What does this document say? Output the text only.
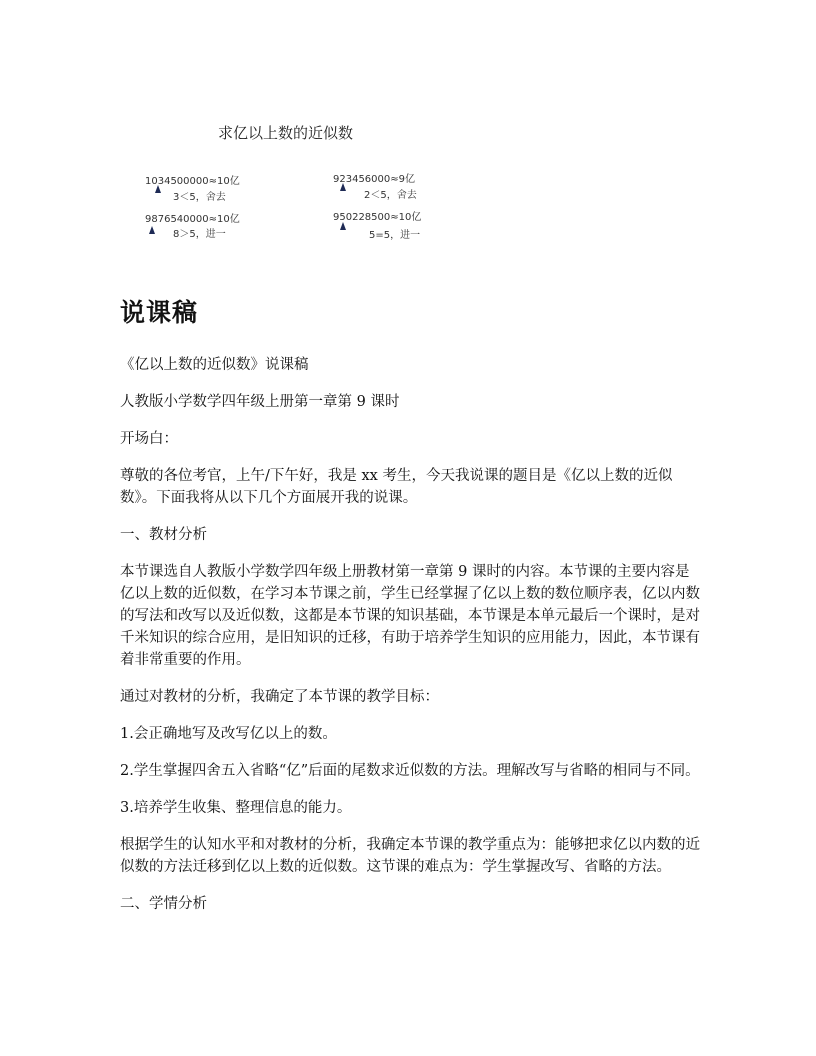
求亿以上数的近似数
1034500000≈10亿
3＜5，舍去
923456000≈9亿
2＜5，舍去
9876540000≈10亿
8＞5，进一
950228500≈10亿
5=5，进一
说课稿

《亿以上数的近似数》说课稿

人教版小学数学四年级上册第一章第 9 课时

开场白：

尊敬的各位考官，上午/下午好，我是 xx 考生，今天我说课的题目是《亿以上数的近似数》。下面我将从以下几个方面展开我的说课。

一、教材分析

本节课选自人教版小学数学四年级上册教材第一章第 9 课时的内容。本节课的主要内容是亿以上数的近似数，在学习本节课之前，学生已经掌握了亿以上数的数位顺序表，亿以内数的写法和改写以及近似数，这都是本节课的知识基础，本节课是本单元最后一个课时，是对千米知识的综合应用，是旧知识的迁移，有助于培养学生知识的应用能力，因此，本节课有着非常重要的作用。

通过对教材的分析，我确定了本节课的教学目标：

1.会正确地写及改写亿以上的数。

2.学生掌握四舍五入省略“亿”后面的尾数求近似数的方法。理解改写与省略的相同与不同。

3.培养学生收集、整理信息的能力。

根据学生的认知水平和对教材的分析，我确定本节课的教学重点为：能够把求亿以内数的近似数的方法迁移到亿以上数的近似数。这节课的难点为：学生掌握改写、省略的方法。

二、学情分析
